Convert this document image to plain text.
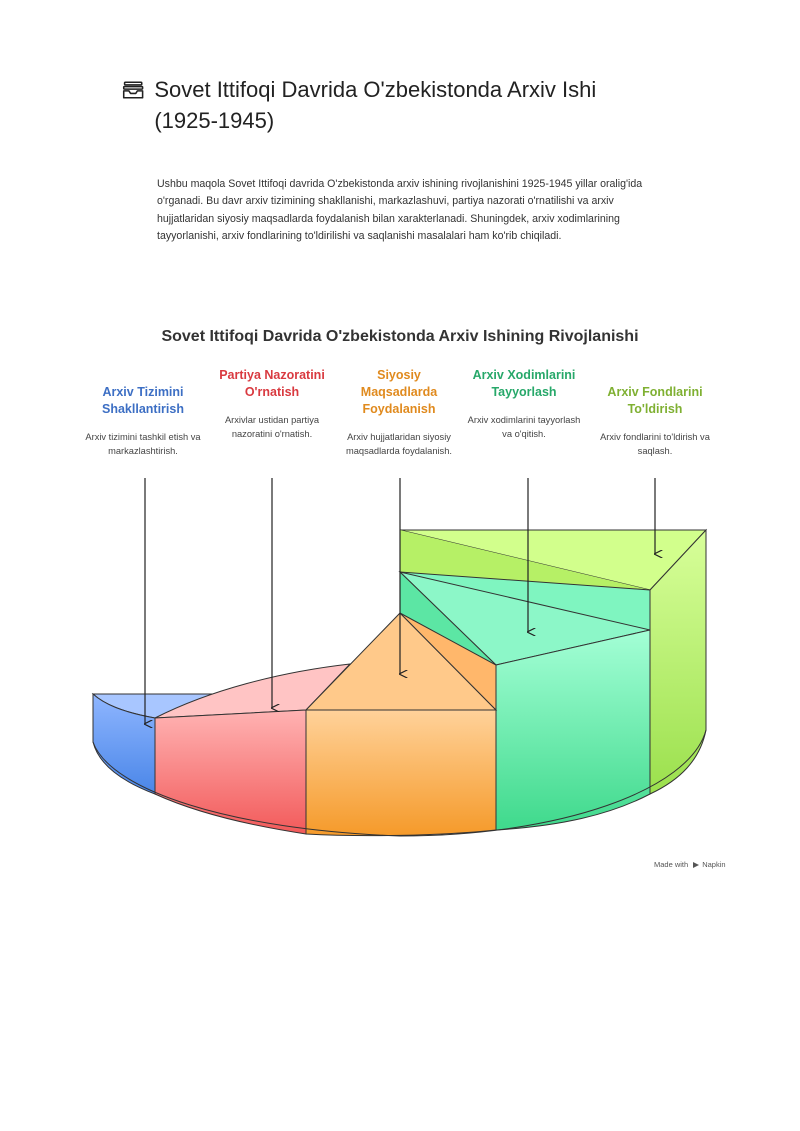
Sovet Ittifoqi Davrida O'zbekistonda Arxiv Ishi (1925-1945)

Ushbu maqola Sovet Ittifoqi davrida O'zbekistonda arxiv ishining rivojlanishini 1925-1945 yillar oralig'ida o'rganadi. Bu davr arxiv tizimining shakllanishi, markazlashuvi, partiya nazorati o'rnatilishi va arxiv hujjatlaridan siyosiy maqsadlarda foydalanish bilan xarakterlanadi. Shuningdek, arxiv xodimlarining tayyorlanishi, arxiv fondlarining to'ldirilishi va saqlanishi masalalari ham ko'rib chiqiladi.

Sovet Ittifoqi Davrida O'zbekistonda Arxiv Ishining Rivojlanishi

Arxiv Tizimini Shakllantirish

Arxiv tizimini tashkil etish va markazlashtirish.

Partiya Nazoratini O'rnatish

Arxivlar ustidan partiya nazoratini o'rnatish.

Siyosiy Maqsadlarda Foydalanish

Arxiv hujjatlaridan siyosiy maqsadlarda foydalanish.

Arxiv Xodimlarini Tayyorlash

Arxiv xodimlarini tayyorlash va o'qitish.

Arxiv Fondlarini To'ldirish

Arxiv fondlarini to'ldirish va saqlash.

Made with Napkin
